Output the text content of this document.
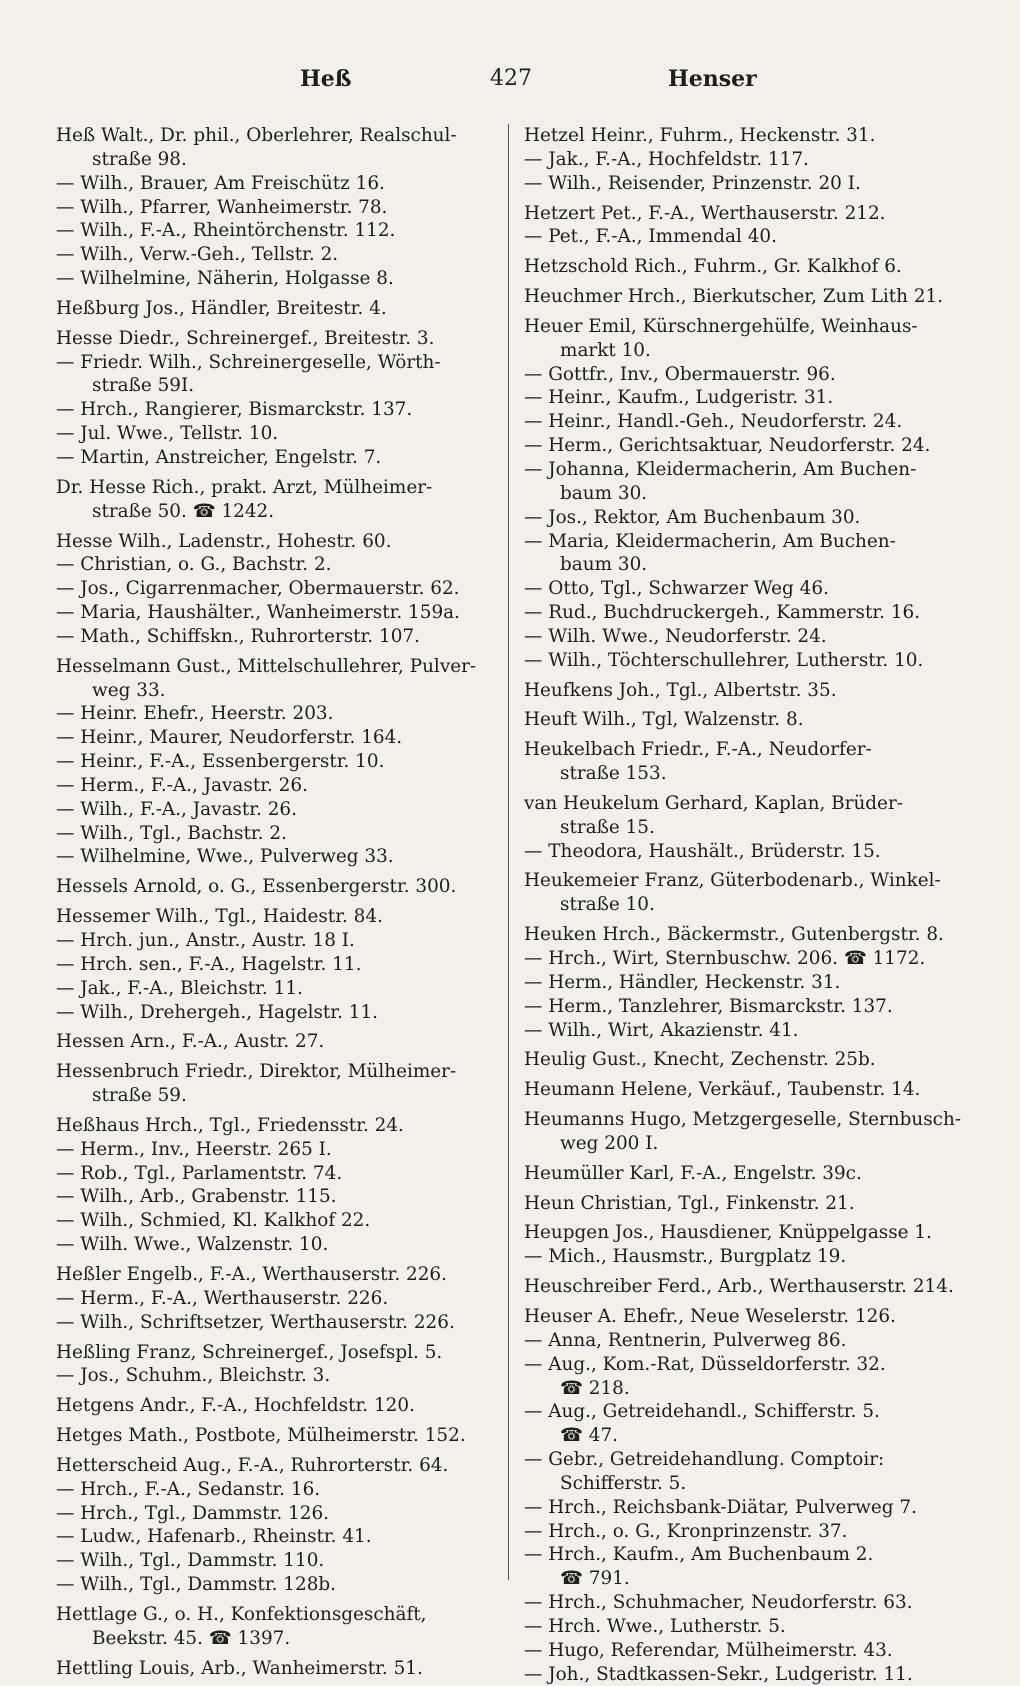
Heß	427	Henser
Heß Walt., Dr. phil., Oberlehrer, Realschul-
straße 98.
— Wilh., Brauer, Am Freischütz 16.
— Wilh., Pfarrer, Wanheimerstr. 78.
— Wilh., F.-A., Rheintörchenstr. 112.
— Wilh., Verw.-Geh., Tellstr. 2.
— Wilhelmine, Näherin, Holgasse 8.
Heßburg Jos., Händler, Breitestr. 4.
Hesse Diedr., Schreinergef., Breitestr. 3.
— Friedr. Wilh., Schreinergeselle, Wörth-
straße 59I.
— Hrch., Rangierer, Bismarckstr. 137.
— Jul. Wwe., Tellstr. 10.
— Martin, Anstreicher, Engelstr. 7.
Dr. Hesse Rich., prakt. Arzt, Mülheimer-
straße 50. ☎ 1242.
Hesse Wilh., Ladenstr., Hohestr. 60.
— Christian, o. G., Bachstr. 2.
— Jos., Cigarrenmacher, Obermauerstr. 62.
— Maria, Haushälter., Wanheimerstr. 159a.
— Math., Schiffskn., Ruhrorterstr. 107.
Hesselmann Gust., Mittelschullehrer, Pulver-
weg 33.
— Heinr. Ehefr., Heerstr. 203.
— Heinr., Maurer, Neudorferstr. 164.
— Heinr., F.-A., Essenbergerstr. 10.
— Herm., F.-A., Javastr. 26.
— Wilh., F.-A., Javastr. 26.
— Wilh., Tgl., Bachstr. 2.
— Wilhelmine, Wwe., Pulverweg 33.
Hessels Arnold, o. G., Essenbergerstr. 300.
Hessemer Wilh., Tgl., Haidestr. 84.
— Hrch. jun., Anstr., Austr. 18 I.
— Hrch. sen., F.-A., Hagelstr. 11.
— Jak., F.-A., Bleichstr. 11.
— Wilh., Drehergeh., Hagelstr. 11.
Hessen Arn., F.-A., Austr. 27.
Hessenbruch Friedr., Direktor, Mülheimer-
straße 59.
Heßhaus Hrch., Tgl., Friedensstr. 24.
— Herm., Inv., Heerstr. 265 I.
— Rob., Tgl., Parlamentstr. 74.
— Wilh., Arb., Grabenstr. 115.
— Wilh., Schmied, Kl. Kalkhof 22.
— Wilh. Wwe., Walzenstr. 10.
Heßler Engelb., F.-A., Werthauserstr. 226.
— Herm., F.-A., Werthauserstr. 226.
— Wilh., Schriftsetzer, Werthauserstr. 226.
Heßling Franz, Schreinergef., Josefspl. 5.
— Jos., Schuhm., Bleichstr. 3.
Hetgens Andr., F.-A., Hochfeldstr. 120.
Hetges Math., Postbote, Mülheimerstr. 152.
Hetterscheid Aug., F.-A., Ruhrorterstr. 64.
— Hrch., F.-A., Sedanstr. 16.
— Hrch., Tgl., Dammstr. 126.
— Ludw., Hafenarb., Rheinstr. 41.
— Wilh., Tgl., Dammstr. 110.
— Wilh., Tgl., Dammstr. 128b.
Hettlage G., o. H., Konfektionsgeschäft,
Beekstr. 45. ☎ 1397.
Hettling Louis, Arb., Wanheimerstr. 51.
Hetzel Heinr., Fuhrm., Heckenstr. 31.
— Jak., F.-A., Hochfeldstr. 117.
— Wilh., Reisender, Prinzenstr. 20 I.
Hetzert Pet., F.-A., Werthauserstr. 212.
— Pet., F.-A., Immendal 40.
Hetzschold Rich., Fuhrm., Gr. Kalkhof 6.
Heuchmer Hrch., Bierkutscher, Zum Lith 21.
Heuer Emil, Kürschnergehülfe, Weinhaus-
markt 10.
— Gottfr., Inv., Obermauerstr. 96.
— Heinr., Kaufm., Ludgeristr. 31.
— Heinr., Handl.-Geh., Neudorferstr. 24.
— Herm., Gerichtsaktuar, Neudorferstr. 24.
— Johanna, Kleidermacherin, Am Buchen-
baum 30.
— Jos., Rektor, Am Buchenbaum 30.
— Maria, Kleidermacherin, Am Buchen-
baum 30.
— Otto, Tgl., Schwarzer Weg 46.
— Rud., Buchdruckergeh., Kammerstr. 16.
— Wilh. Wwe., Neudorferstr. 24.
— Wilh., Töchterschullehrer, Lutherstr. 10.
Heufkens Joh., Tgl., Albertstr. 35.
Heuft Wilh., Tgl, Walzenstr. 8.
Heukelbach Friedr., F.-A., Neudorfer-
straße 153.
van Heukelum Gerhard, Kaplan, Brüder-
straße 15.
— Theodora, Haushält., Brüderstr. 15.
Heukemeier Franz, Güterbodenarb., Winkel-
straße 10.
Heuken Hrch., Bäckermstr., Gutenbergstr. 8.
— Hrch., Wirt, Sternbuschw. 206. ☎ 1172.
— Herm., Händler, Heckenstr. 31.
— Herm., Tanzlehrer, Bismarckstr. 137.
— Wilh., Wirt, Akazienstr. 41.
Heulig Gust., Knecht, Zechenstr. 25b.
Heumann Helene, Verkäuf., Taubenstr. 14.
Heumanns Hugo, Metzgergeselle, Sternbusch-
weg 200 I.
Heumüller Karl, F.-A., Engelstr. 39c.
Heun Christian, Tgl., Finkenstr. 21.
Heupgen Jos., Hausdiener, Knüppelgasse 1.
— Mich., Hausmstr., Burgplatz 19.
Heuschreiber Ferd., Arb., Werthauserstr. 214.
Heuser A. Ehefr., Neue Weselerstr. 126.
— Anna, Rentnerin, Pulverweg 86.
— Aug., Kom.-Rat, Düsseldorferstr. 32.
☎ 218.
— Aug., Getreidehandl., Schifferstr. 5.
☎ 47.
— Gebr., Getreidehandlung. Comptoir:
Schifferstr. 5.
— Hrch., Reichsbank-Diätar, Pulverweg 7.
— Hrch., o. G., Kronprinzenstr. 37.
— Hrch., Kaufm., Am Buchenbaum 2.
☎ 791.
— Hrch., Schuhmacher, Neudorferstr. 63.
— Hrch. Wwe., Lutherstr. 5.
— Hugo, Referendar, Mülheimerstr. 43.
— Joh., Stadtkassen-Sekr., Ludgeristr. 11.
